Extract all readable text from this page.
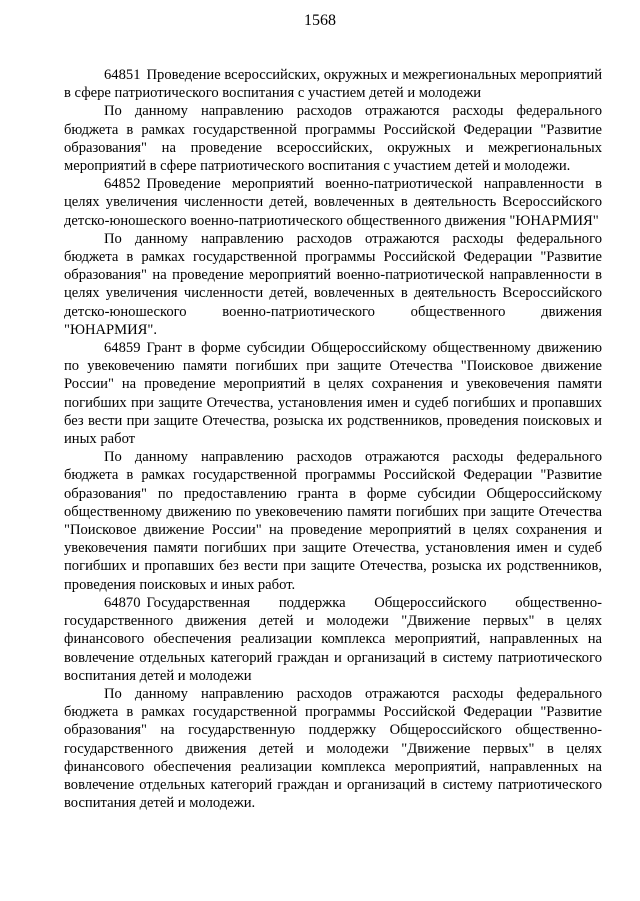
1568

64851 Проведение всероссийских, окружных и межрегиональных мероприятий в сфере патриотического воспитания с участием детей и молодежи

По данному направлению расходов отражаются расходы федерального бюджета в рамках государственной программы Российской Федерации "Развитие образования" на проведение всероссийских, окружных и межрегиональных мероприятий в сфере патриотического воспитания с участием детей и молодежи.

64852 Проведение мероприятий военно-патриотической направленности в целях увеличения численности детей, вовлеченных в деятельность Всероссийского детско-юношеского военно-патриотического общественного движения "ЮНАРМИЯ"

По данному направлению расходов отражаются расходы федерального бюджета в рамках государственной программы Российской Федерации "Развитие образования" на проведение мероприятий военно-патриотической направленности в целях увеличения численности детей, вовлеченных в деятельность Всероссийского детско-юношеского военно-патриотического общественного движения "ЮНАРМИЯ".

64859 Грант в форме субсидии Общероссийскому общественному движению по увековечению памяти погибших при защите Отечества "Поисковое движение России" на проведение мероприятий в целях сохранения и увековечения памяти погибших при защите Отечества, установления имен и судеб погибших и пропавших без вести при защите Отечества, розыска их родственников, проведения поисковых и иных работ

По данному направлению расходов отражаются расходы федерального бюджета в рамках государственной программы Российской Федерации "Развитие образования" по предоставлению гранта в форме субсидии Общероссийскому общественному движению по увековечению памяти погибших при защите Отечества "Поисковое движение России" на проведение мероприятий в целях сохранения и увековечения памяти погибших при защите Отечества, установления имен и судеб погибших и пропавших без вести при защите Отечества, розыска их родственников, проведения поисковых и иных работ.

64870 Государственная поддержка Общероссийского общественно-государственного движения детей и молодежи "Движение первых" в целях финансового обеспечения реализации комплекса мероприятий, направленных на вовлечение отдельных категорий граждан и организаций в систему патриотического воспитания детей и молодежи

По данному направлению расходов отражаются расходы федерального бюджета в рамках государственной программы Российской Федерации "Развитие образования" на государственную поддержку Общероссийского общественно-государственного движения детей и молодежи "Движение первых" в целях финансового обеспечения реализации комплекса мероприятий, направленных на вовлечение отдельных категорий граждан и организаций в систему патриотического воспитания детей и молодежи.
